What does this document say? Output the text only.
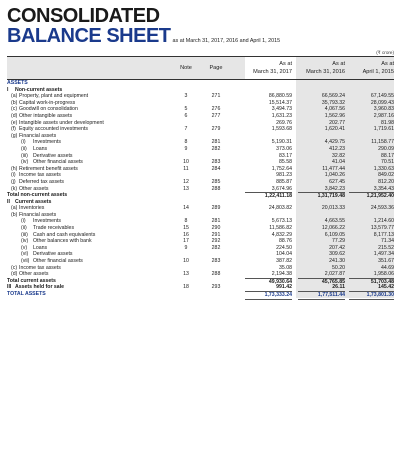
CONSOLIDATED
BALANCE SHEET as at March 31, 2017, 2016 and April 1, 2015
(₹ crore)
Note	Page
As at
March 31, 2017
As at
March 31, 2016
As at
April 1, 2015
ASSETS
I Non-current assets
(a) Property, plant and equipment	3	271	86,880.59	66,569.24	67,149.55
(b) Capital work-in-progress	15,514.37	35,793.32	28,099.43
(c) Goodwill on consolidation	5	276	3,494.73	4,067.56	3,960.83
(d) Other intangible assets	6	277	1,631.23	1,562.96	2,987.16
(e) Intangible assets under development	269.76	202.77	81.98
(f) Equity accounted investments	7	279	1,593.68	1,620.41	1,719.61
(g) Financial assets
(i) Investments	8	281	5,190.31	4,429.75	11,158.77
(ii) Loans	9	282	373.06	412.23	290.09
(iii) Derivative assets	83.17	32.82	88.17
(iv) Other financial assets	10	283	85.58	41.04	70.51
(h) Retirement benefit assets	11	284	1,752.64	11,477.44	1,330.63
(i) Income tax assets	981.23	1,040.26	849.02
(j) Deferred tax assets	12	285	885.87	627.45	812.20
(k) Other assets	13	288	3,674.96	3,842.23	3,354.43
Total non-current assets	1,22,411.18	1,31,719.48	1,21,952.40
II Current assets
(a) Inventories	14	289	24,803.82	20,013.33	24,593.36
(b) Financial assets
(i) Investments	8	281	5,673.13	4,663.55	1,214.60
(ii) Trade receivables	15	290	11,586.82	12,066.22	13,579.77
(iii) Cash and cash equivalents	16	291	4,832.29	6,109.05	8,177.13
(iv) Other balances with bank	17	292	88.76	77.29	71.34
(v) Loans	9	282	224.50	207.42	215.52
(vi) Derivative assets	104.04	309.62	1,497.34
(vii) Other financial assets	10	283	387.82	241.30	351.67
(c) Income tax assets	35.08	50.20	44.69
(d) Other assets	13	288	2,194.38	2,027.87	1,958.06
Total current assets	49,930.64	45,765.85	51,703.48
III Assets held for sale	18	293	991.42	26.11	145.42
TOTAL ASSETS	1,73,333.24	1,77,511.44	1,73,801.30
